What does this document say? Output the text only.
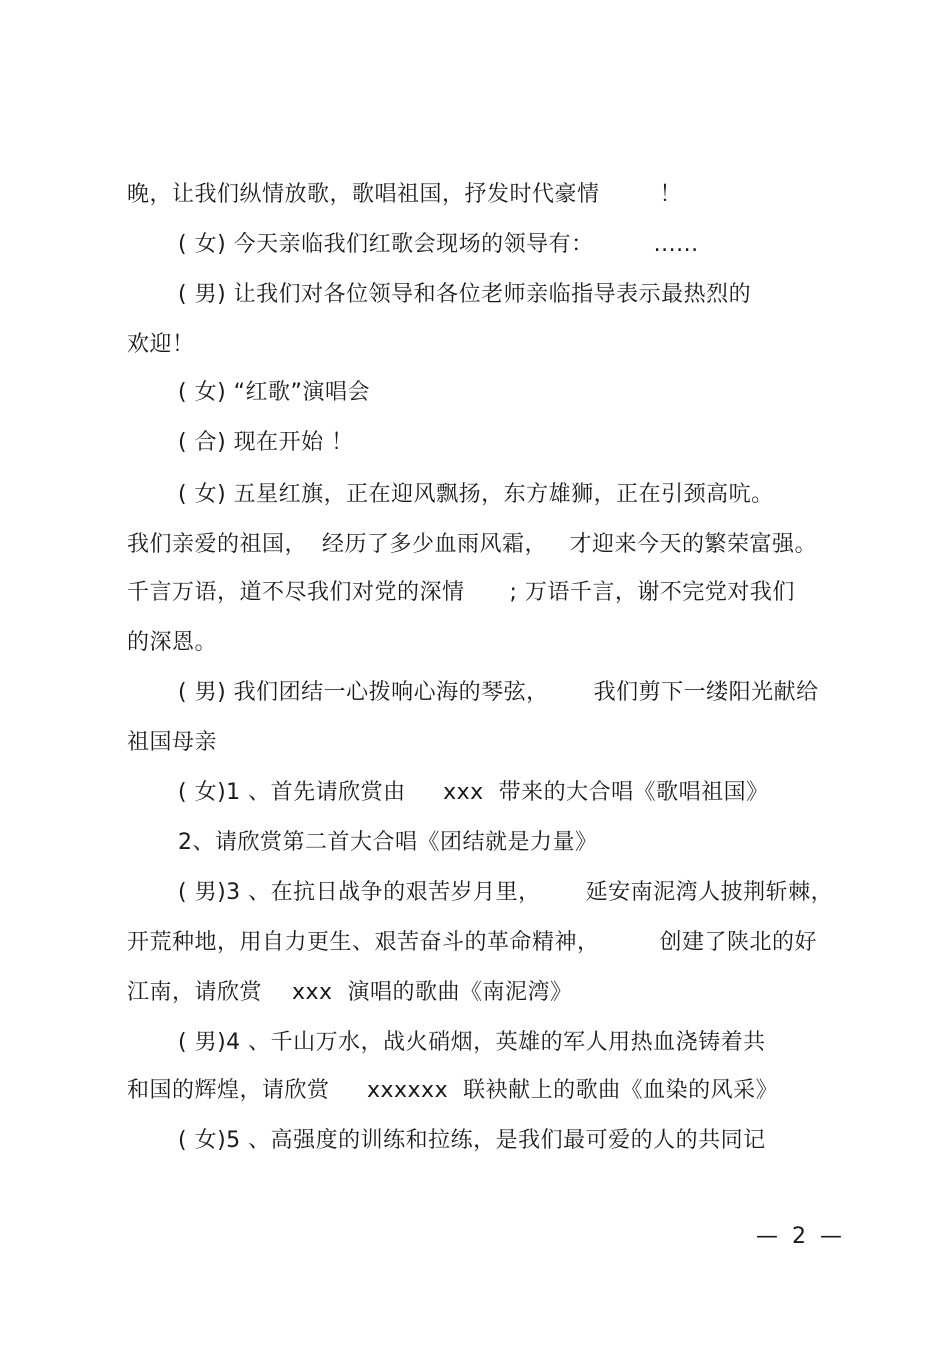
晚，让我们纵情放歌，歌唱祖国，抒发时代豪情        ！
( 女) 今天亲临我们红歌会现场的领导有：        ......
( 男) 让我们对各位领导和各位老师亲临指导表示最热烈的
欢迎！
( 女) “红歌”演唱会
( 合) 现在开始 ！
( 女) 五星红旗，正在迎风飘扬，东方雄狮，正在引颈高吭。
我们亲爱的祖国，  经历了多少血雨风霜，   才迎来今天的繁荣富强。
千言万语，道不尽我们对党的深情      ; 万语千言，谢不完党对我们
的深恩。
( 男) 我们团结一心拨响心海的琴弦，      我们剪下一缕阳光献给
祖国母亲
( 女)1 、首先请欣赏由     xxx  带来的大合唱《歌唱祖国》
2、请欣赏第二首大合唱《团结就是力量》
( 男)3 、在抗日战争的艰苦岁月里，      延安南泥湾人披荆斩棘，
开荒种地，用自力更生、艰苦奋斗的革命精神，        创建了陕北的好
江南，请欣赏    xxx  演唱的歌曲《南泥湾》
( 男)4 、千山万水，战火硝烟，英雄的军人用热血浇铸着共
和国的辉煌，请欣赏     xxxxxx  联袂献上的歌曲《血染的风采》
( 女)5 、高强度的训练和拉练，是我们最可爱的人的共同记
—  2  —
